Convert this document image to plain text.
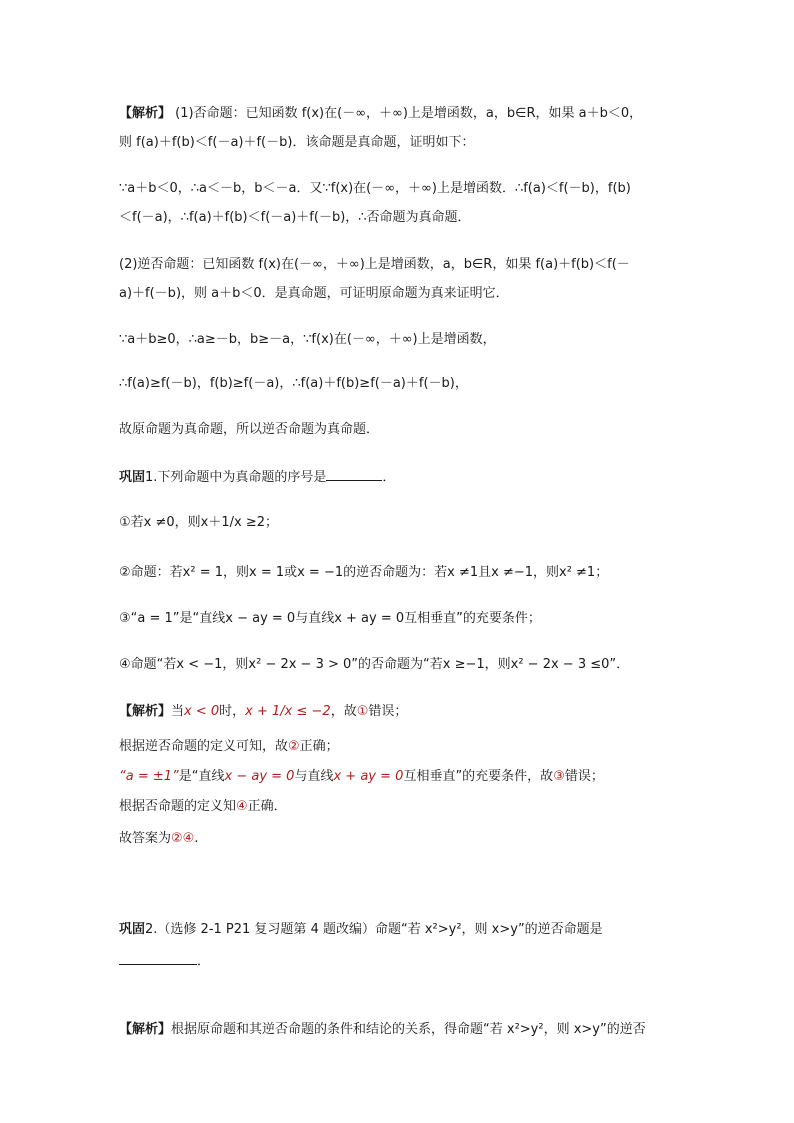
【解析】 (1)否命题：已知函数 f(x)在(－∞，＋∞)上是增函数，a，b∈R，如果 a＋b＜0，
则 f(a)＋f(b)＜f(－a)＋f(－b)．该命题是真命题，证明如下：
∵a＋b＜0，∴a＜－b，b＜－a．又∵f(x)在(－∞，＋∞)上是增函数．∴f(a)＜f(－b)，f(b)
＜f(－a)，∴f(a)＋f(b)＜f(－a)＋f(－b)，∴否命题为真命题．
(2)逆否命题：已知函数 f(x)在(－∞，＋∞)上是增函数，a，b∈R，如果 f(a)＋f(b)＜f(－
a)＋f(－b)，则 a＋b＜0．是真命题，可证明原命题为真来证明它．
∵a＋b≥0，∴a≥－b，b≥－a，∵f(x)在(－∞，＋∞)上是增函数，
∴f(a)≥f(－b)，f(b)≥f(－a)，∴f(a)＋f(b)≥f(－a)＋f(－b)，
故原命题为真命题，所以逆否命题为真命题．
巩固1.下列命题中为真命题的序号是	．
①若x ≠0，则x＋1/x ≥2；
②命题：若x² = 1，则x = 1或x = −1的逆否命题为：若x ≠1且x ≠−1，则x² ≠1；
③“a = 1”是“直线x − ay = 0与直线x + ay = 0互相垂直”的充要条件；
④命题“若x < −1，则x² − 2x − 3 > 0”的否命题为“若x ≥−1，则x² − 2x − 3 ≤0”．
【解析】当x < 0时，x + 1/x ≤ −2，故①错误；
根据逆否命题的定义可知，故②正确；
“a = ±1”是“直线x − ay = 0与直线x + ay = 0互相垂直”的充要条件，故③错误；
根据否命题的定义知④正确．
故答案为②④.
巩固2.（选修 2-1 P21 复习题第 4 题改编）命题“若 x²>y²，则 x>y”的逆否命题是
．
【解析】根据原命题和其逆否命题的条件和结论的关系，得命题“若 x²>y²，则 x>y”的逆否
